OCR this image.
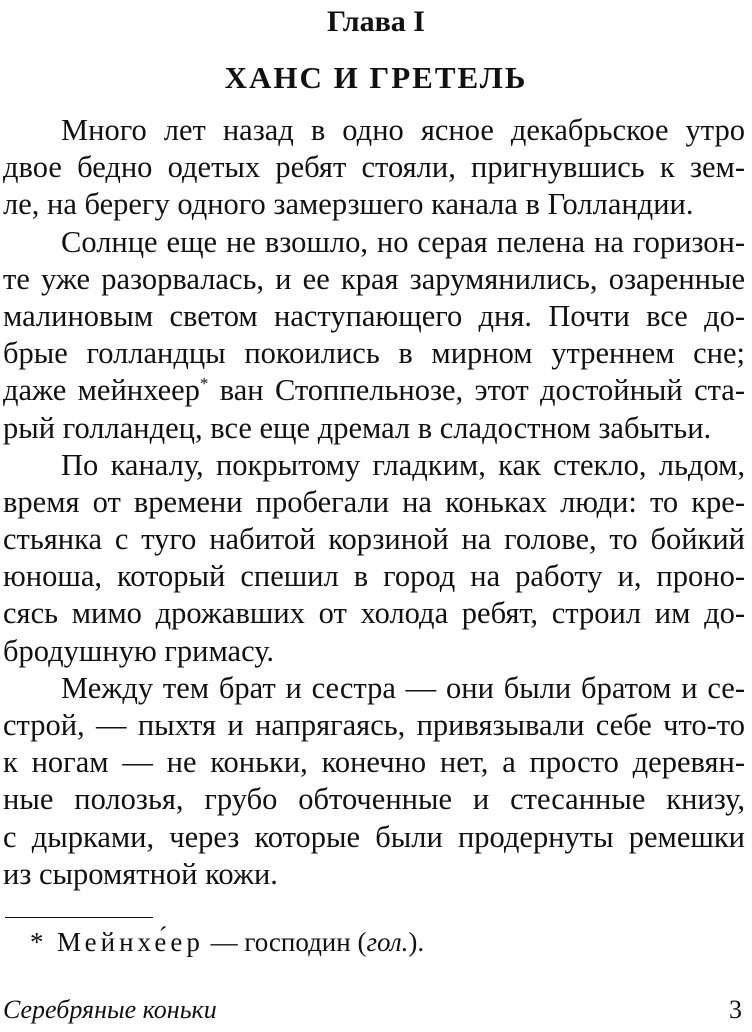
Глава I
ХАНС И ГРЕТЕЛЬ
Много лет назад в одно ясное декабрьское утро
двое бедно одетых ребят стояли, пригнувшись к зем-
ле, на берегу одного замерзшего канала в Голландии.
Солнце еще не взошло, но серая пелена на горизон-
те уже разорвалась, и ее края зарумянились, озаренные
малиновым светом наступающего дня. Почти все до-
брые голландцы покоились в мирном утреннем сне;
даже мейнхеер* ван Стоппельнозе, этот достойный ста-
рый голландец, все еще дремал в сладостном забытьи.
По каналу, покрытому гладким, как стекло, льдом,
время от времени пробегали на коньках люди: то кре-
стьянка с туго набитой корзиной на голове, то бойкий
юноша, который спешил в город на работу и, проно-
сясь мимо дрожавших от холода ребят, строил им до-
бродушную гримасу.
Между тем брат и сестра — они были братом и се-
строй, — пыхтя и напрягаясь, привязывали себе что-то
к ногам — не коньки, конечно нет, а просто деревян-
ные полозья, грубо обточенные и стесанные книзу,
с дырками, через которые были продернуты ремешки
из сыромятной кожи.
* Мейнхе́ер — господин (гол.).
Серебряные коньки	3
